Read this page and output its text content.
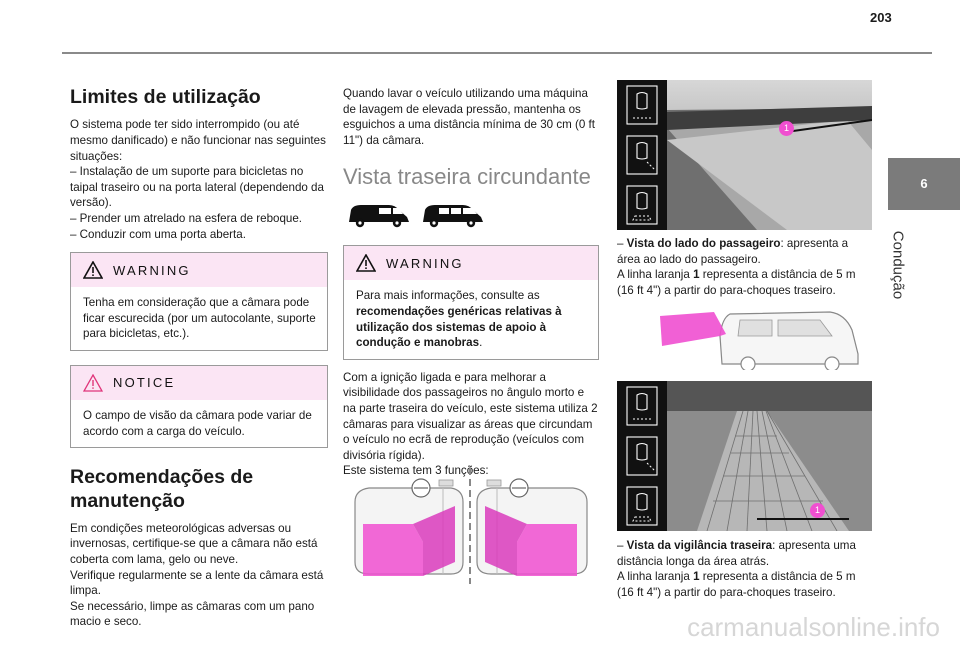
203
6
Condução
Limites de utilização

O sistema pode ter sido interrompido (ou até mesmo danificado) e não funcionar nas seguintes situações:

– Instalação de um suporte para bicicletas no taipal traseiro ou na porta lateral (dependendo da versão).

– Prender um atrelado na esfera de reboque.

– Conduzir com uma porta aberta.

WARNING
Tenha em consideração que a câmara pode ficar escurecida (por um autocolante, suporte para bicicletas, etc.).
NOTICE
O campo de visão da câmara pode variar de acordo com a carga do veículo.
Recomendações de
manutenção

Em condições meteorológicas adversas ou invernosas, certifique-se que a câmara não está coberta com lama, gelo ou neve.

Verifique regularmente se a lente da câmara está limpa.

Se necessário, limpe as câmaras com um pano macio e seco.

Quando lavar o veículo utilizando uma máquina de lavagem de elevada pressão, mantenha os esguichos a uma distância mínima de 30 cm (0 ft 11") da câmara.
Vista traseira circundante
WARNING
Para mais informações, consulte as recomendações genéricas relativas à utilização dos sistemas de apoio à condução e manobras.

Com a ignição ligada e para melhorar a visibilidade dos passageiros no ângulo morto e na parte traseira do veículo, este sistema utiliza 2 câmaras para visualizar as áreas que circundam o veículo no ecrã de reprodução (veículos com divisória rígida).

Este sistema tem 3 funções:

1

– Vista do lado do passageiro: apresenta a área ao lado do passageiro.

A linha laranja 1 representa a distância de 5 m (16 ft 4") a partir do para-choques traseiro.

1

– Vista da vigilância traseira: apresenta uma distância longa da área atrás.

A linha laranja 1 representa a distância de 5 m (16 ft 4") a partir do para-choques traseiro.

carmanualsonline.info
